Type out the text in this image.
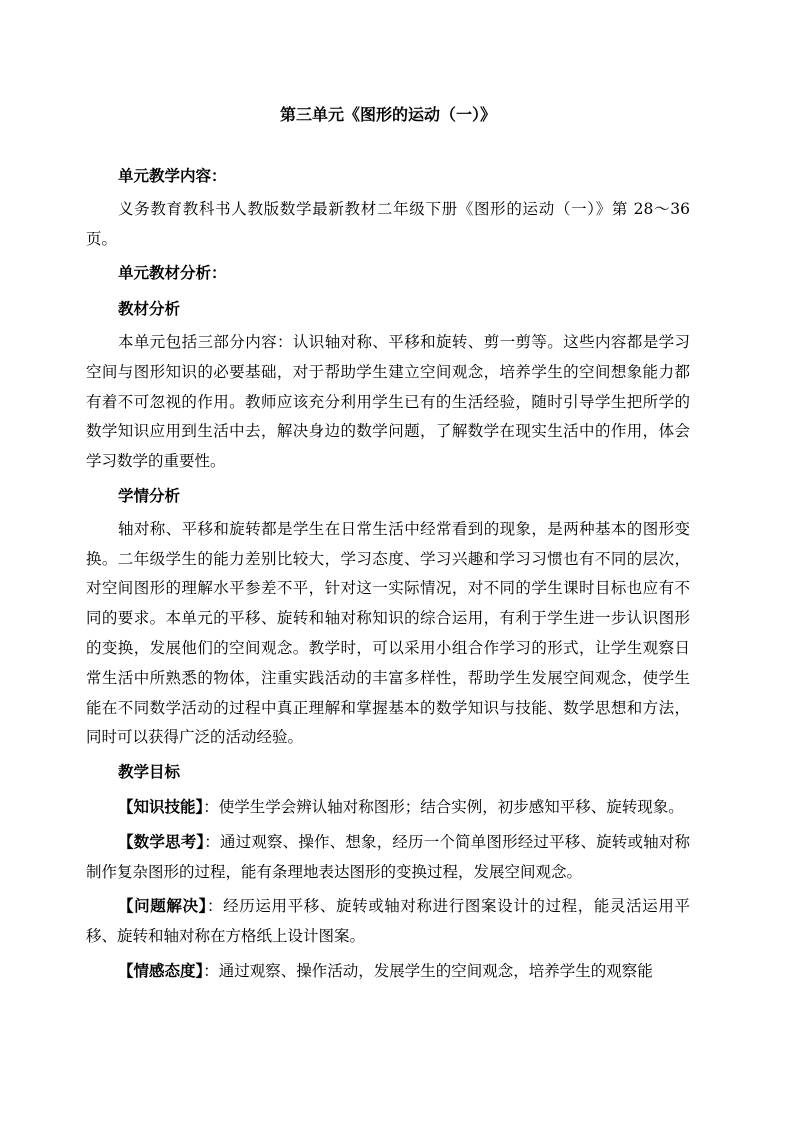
第三单元《图形的运动（一）》

单元教学内容：

义务教育教科书人教版数学最新教材二年级下册《图形的运动（一）》第 28～36 页。

单元教材分析：

教材分析

本单元包括三部分内容：认识轴对称、平移和旋转、剪一剪等。这些内容都是学习空间与图形知识的必要基础，对于帮助学生建立空间观念，培养学生的空间想象能力都有着不可忽视的作用。教师应该充分利用学生已有的生活经验，随时引导学生把所学的数学知识应用到生活中去，解决身边的数学问题，了解数学在现实生活中的作用，体会学习数学的重要性。

学情分析

轴对称、平移和旋转都是学生在日常生活中经常看到的现象，是两种基本的图形变换。二年级学生的能力差别比较大，学习态度、学习兴趣和学习习惯也有不同的层次，对空间图形的理解水平参差不平，针对这一实际情况，对不同的学生课时目标也应有不同的要求。本单元的平移、旋转和轴对称知识的综合运用，有利于学生进一步认识图形的变换，发展他们的空间观念。教学时，可以采用小组合作学习的形式，让学生观察日常生活中所熟悉的物体，注重实践活动的丰富多样性，帮助学生发展空间观念，使学生能在不同数学活动的过程中真正理解和掌握基本的数学知识与技能、数学思想和方法，同时可以获得广泛的活动经验。

教学目标

【知识技能】：使学生学会辨认轴对称图形；结合实例，初步感知平移、旋转现象。

【数学思考】：通过观察、操作、想象，经历一个简单图形经过平移、旋转或轴对称制作复杂图形的过程，能有条理地表达图形的变换过程，发展空间观念。

【问题解决】：经历运用平移、旋转或轴对称进行图案设计的过程，能灵活运用平移、旋转和轴对称在方格纸上设计图案。

【情感态度】：通过观察、操作活动，发展学生的空间观念，培养学生的观察能
